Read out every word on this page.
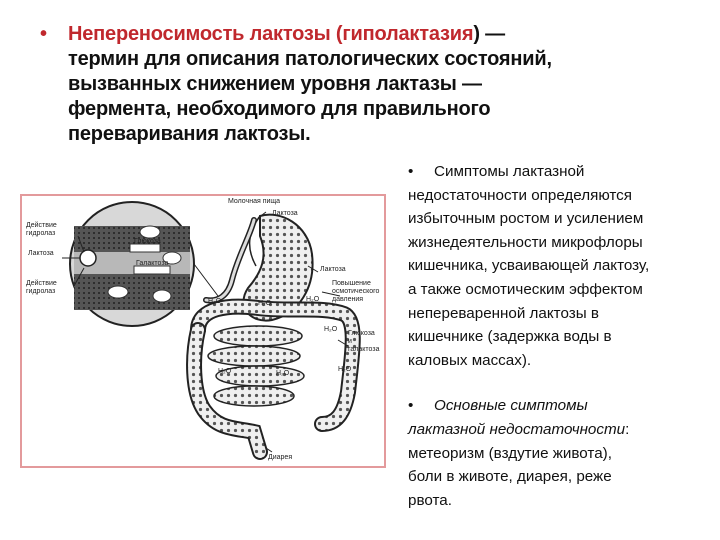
• Непереносимость лактозы (гиполактазия) —
термин для описания патологических состояний,
вызванных снижением уровня лактазы —
фермента, необходимого для правильного
переваривания лактозы.

• Симптомы лактазной
недостаточности определяются
избыточным ростом и усилением
жизнедеятельности микрофлоры
кишечника, усваивающей лактозу,
а также осмотическим эффектом
непереваренной лактозы в
кишечнике (задержка воды в
каловых массах).

• Основные симптомы
лактазной недостаточности:
метеоризм (вздутие живота),
боли в животе, диарея, реже
рвота.

Молочная пища
Лактоза
Действие
гидролаз
Лактоза
Действие
гидролаз
Глюкоза
Галактоза
Лактоза
Повышение
осмотического
давления
H₂O	H₂O
H₂O
H₂O
Глюкоза
и галактоза
H₂O	H₂O
H₂O
Диарея
